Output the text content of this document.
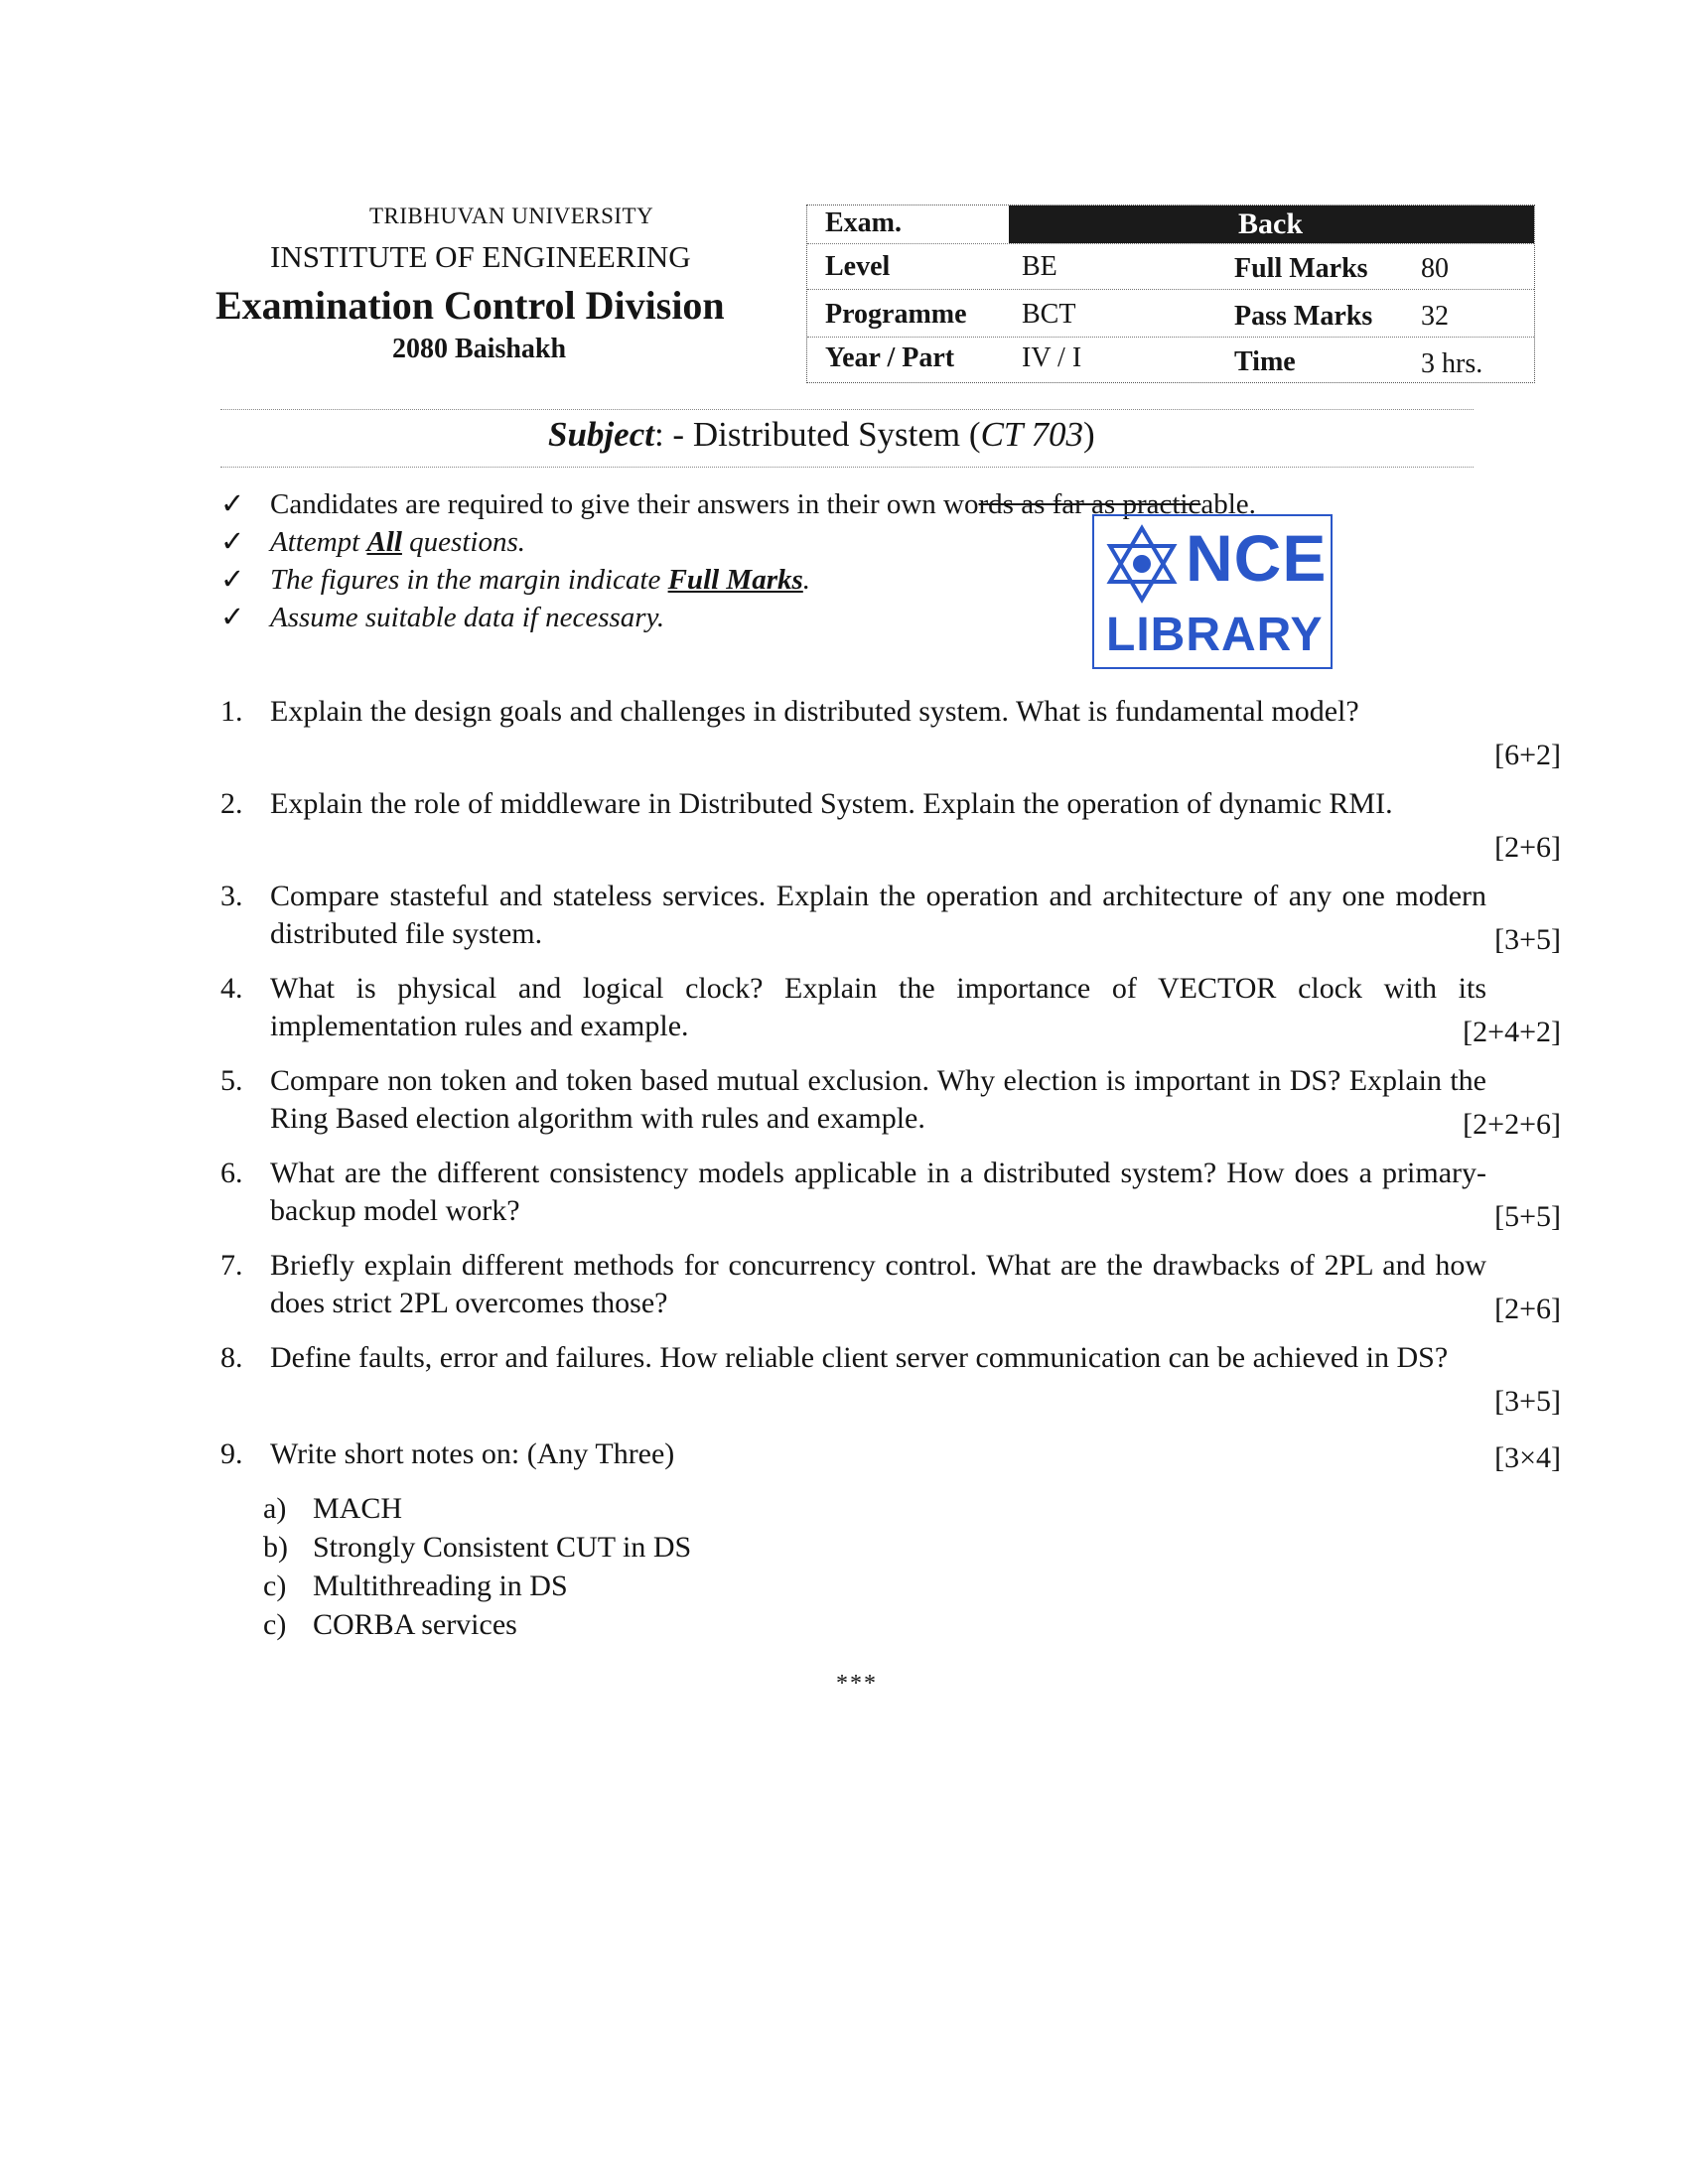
TRIBHUVAN UNIVERSITY
INSTITUTE OF ENGINEERING
Examination Control Division
2080 Baishakh
Exam.	Back
Level	BE	Full Marks 80
Programme BCT	Pass Marks 32
Year / Part IV / I	Time	3 hrs.
Subject: - Distributed System (CT 703)
✓ Candidates are required to give their answers in their own words as far as practicable.
✓ Attempt All questions.
✓ The figures in the margin indicate Full Marks.
✓ Assume suitable data if necessary.
NCE
LIBRARY
1. Explain the design goals and challenges in distributed system. What is fundamental model?
[6+2]
2. Explain the role of middleware in Distributed System. Explain the operation of dynamic RMI.
[2+6]
3. Compare stasteful and stateless services. Explain the operation and architecture of any one modern distributed file system.	[3+5]
4. What is physical and logical clock? Explain the importance of VECTOR clock with its implementation rules and example.	[2+4+2]
5. Compare non token and token based mutual exclusion. Why election is important in DS? Explain the Ring Based election algorithm with rules and example.	[2+2+6]
6. What are the different consistency models applicable in a distributed system? How does a primary-backup model work?	[5+5]
7. Briefly explain different methods for concurrency control. What are the drawbacks of 2PL and how does strict 2PL overcomes those?	[2+6]
8. Define faults, error and failures. How reliable client server communication can be achieved in DS?
[3+5]
9. Write short notes on: (Any Three)	[3×4]
a) MACH
b) Strongly Consistent CUT in DS
c) Multithreading in DS
c) CORBA services
***
